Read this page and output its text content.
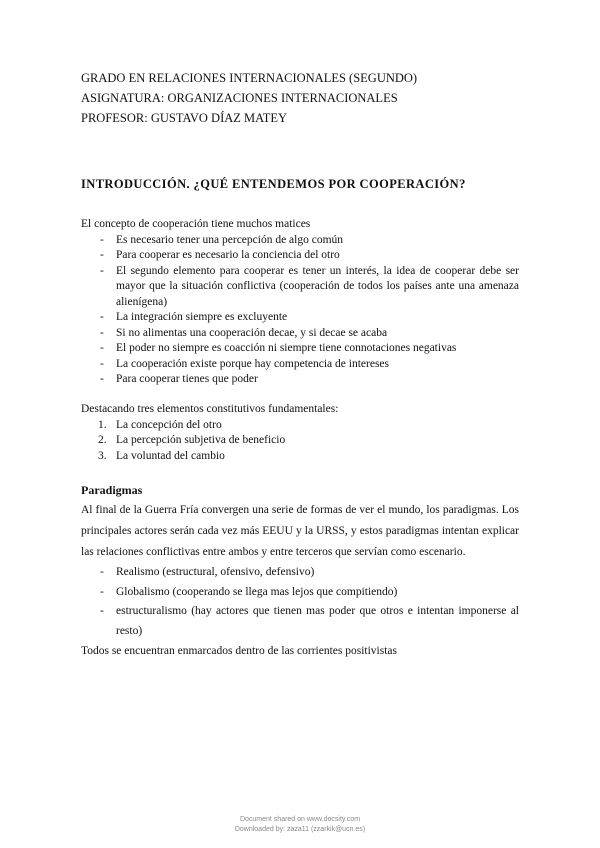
GRADO EN RELACIONES INTERNACIONALES (SEGUNDO)
ASIGNATURA: ORGANIZACIONES INTERNACIONALES
PROFESOR: GUSTAVO DÍAZ MATEY
INTRODUCCIÓN. ¿QUÉ ENTENDEMOS POR COOPERACIÓN?
El concepto de cooperación tiene muchos matices
- Es necesario tener una percepción de algo común
- Para cooperar es necesario la conciencia del otro
- El segundo elemento para cooperar es tener un interés, la idea de cooperar debe ser mayor que la situación conflictiva (cooperación de todos los países ante una amenaza alienígena)
- La integración siempre es excluyente
- Si no alimentas una cooperación decae, y si decae se acaba
- El poder no siempre es coacción ni siempre tiene connotaciones negativas
- La cooperación existe porque hay competencia de intereses
- Para cooperar tienes que poder
Destacando tres elementos constitutivos fundamentales:
1. La concepción del otro
2. La percepción subjetiva de beneficio
3. La voluntad del cambio
Paradigmas
Al final de la Guerra Fría convergen una serie de formas de ver el mundo, los paradigmas. Los principales actores serán cada vez más EEUU y la URSS, y estos paradigmas intentan explicar las relaciones conflictivas entre ambos y entre terceros que servían como escenario.
- Realismo (estructural, ofensivo, defensivo)
- Globalismo (cooperando se llega mas lejos que compitiendo)
- estructuralismo (hay actores que tienen mas poder que otros e intentan imponerse al resto)
Todos se encuentran enmarcados dentro de las corrientes positivistas
Document shared on www.docsity.com
Downloaded by: zaza11 (zzarkik@ucn.es)
